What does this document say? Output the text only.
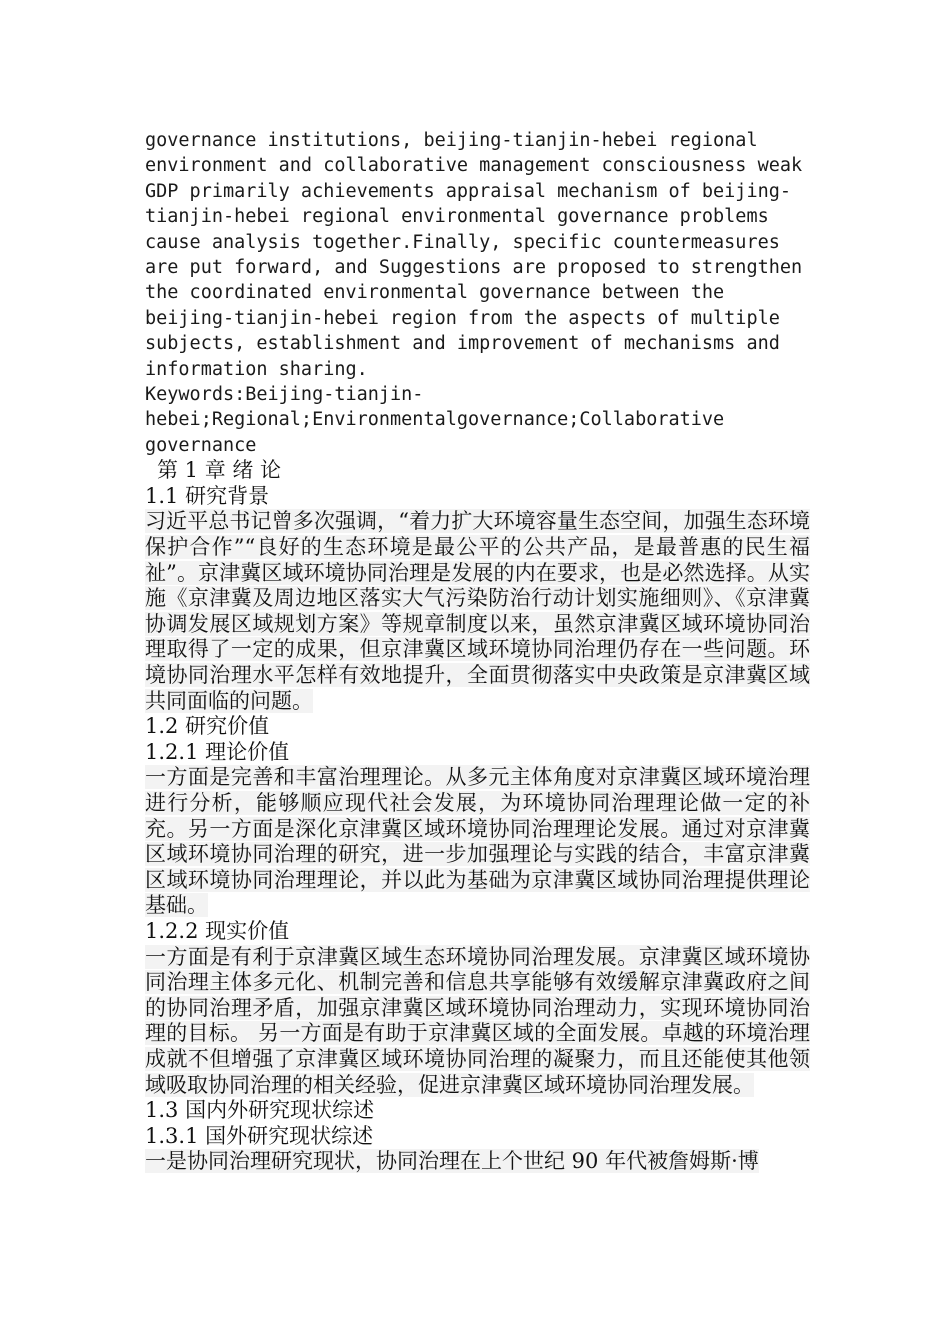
governance institutions, beijing-tianjin-hebei regional environment and collaborative management consciousness weak GDP primarily achievements appraisal mechanism of beijing-tianjin-hebei regional environmental governance problems cause analysis together.Finally, specific countermeasures are put forward, and Suggestions are proposed to strengthen the coordinated environmental governance between the beijing-tianjin-hebei region from the aspects of multiple subjects, establishment and improvement of mechanisms and information sharing.

Keywords:Beijing-tianjin-hebei;Regional;Environmentalgovernance;Collaborative governance

第 1 章 绪 论

1.1 研究背景

习近平总书记曾多次强调，“着力扩大环境容量生态空间，加强生态环境保护合作”“良好的生态环境是最公平的公共产品，是最普惠的民生福祉”。京津冀区域环境协同治理是发展的内在要求，也是必然选择。从实施《京津冀及周边地区落实大气污染防治行动计划实施细则》、《京津冀协调发展区域规划方案》等规章制度以来，虽然京津冀区域环境协同治理取得了一定的成果，但京津冀区域环境协同治理仍存在一些问题。环境协同治理水平怎样有效地提升，全面贯彻落实中央政策是京津冀区域共同面临的问题。

1.2 研究价值

1.2.1 理论价值

一方面是完善和丰富治理理论。从多元主体角度对京津冀区域环境治理进行分析，能够顺应现代社会发展，为环境协同治理理论做一定的补充。另一方面是深化京津冀区域环境协同治理理论发展。通过对京津冀区域环境协同治理的研究，进一步加强理论与实践的结合，丰富京津冀区域环境协同治理理论，并以此为基础为京津冀区域协同治理提供理论基础。

1.2.2 现实价值

一方面是有利于京津冀区域生态环境协同治理发展。京津冀区域环境协同治理主体多元化、机制完善和信息共享能够有效缓解京津冀政府之间的协同治理矛盾，加强京津冀区域环境协同治理动力，实现环境协同治理的目标。 另一方面是有助于京津冀区域的全面发展。卓越的环境治理成就不但增强了京津冀区域环境协同治理的凝聚力，而且还能使其他领域吸取协同治理的相关经验，促进京津冀区域环境协同治理发展。

1.3 国内外研究现状综述

1.3.1 国外研究现状综述

一是协同治理研究现状，协同治理在上个世纪 90 年代被詹姆斯·博
